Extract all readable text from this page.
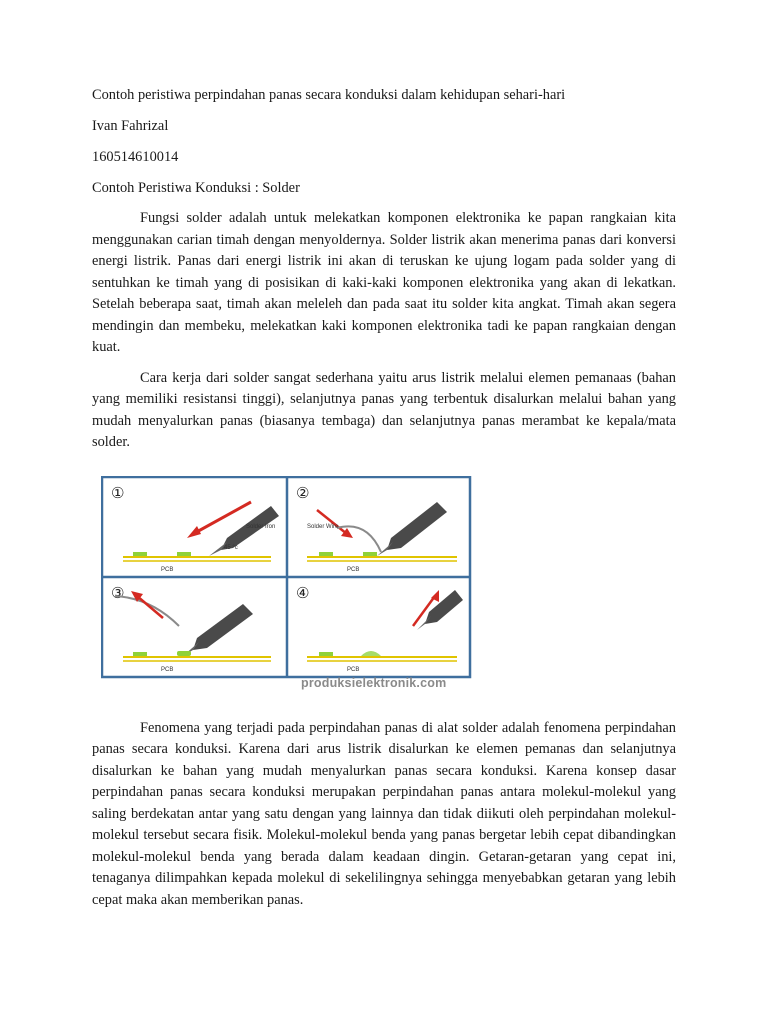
Contoh peristiwa perpindahan panas secara konduksi dalam kehidupan sehari-hari

Ivan Fahrizal

160514610014

Contoh Peristiwa Konduksi : Solder

Fungsi solder adalah untuk melekatkan komponen elektronika ke papan rangkaian kita menggunakan carian timah dengan menyoldernya. Solder listrik akan menerima panas dari konversi energi listrik. Panas dari energi listrik ini akan di teruskan ke ujung logam pada solder yang di sentuhkan ke timah yang di posisikan di kaki-kaki komponen elektronika yang akan di lekatkan. Setelah beberapa saat, timah akan meleleh dan pada saat itu solder kita angkat. Timah akan segera mendingin dan membeku, melekatkan kaki komponen elektronika tadi ke papan rangkaian dengan kuat.

Cara kerja dari solder sangat sederhana yaitu arus listrik melalui elemen pemanaas (bahan yang memiliki resistansi tinggi), selanjutnya panas yang terbentuk disalurkan melalui bahan yang mudah menyalurkan panas (biasanya tembaga) dan selanjutnya panas merambat ke kepala/mata solder.

①
Solder Iron
45 °c
PCB
②
Solder Wire
PCB
③
PCB
④
PCB
produksielektronik.com

Fenomena yang terjadi pada perpindahan panas di alat solder adalah fenomena perpindahan panas secara konduksi. Karena dari arus listrik disalurkan ke elemen pemanas dan selanjutnya disalurkan ke bahan yang mudah menyalurkan panas secara konduksi. Karena konsep dasar perpindahan panas secara konduksi merupakan perpindahan panas antara molekul-molekul yang saling berdekatan antar yang satu dengan yang lainnya dan tidak diikuti oleh perpindahan molekul-molekul tersebut secara fisik. Molekul-molekul benda yang panas bergetar lebih cepat dibandingkan molekul-molekul benda yang berada dalam keadaan dingin. Getaran-getaran yang cepat ini, tenaganya dilimpahkan kepada molekul di sekelilingnya sehingga menyebabkan getaran yang lebih cepat maka akan memberikan panas.
